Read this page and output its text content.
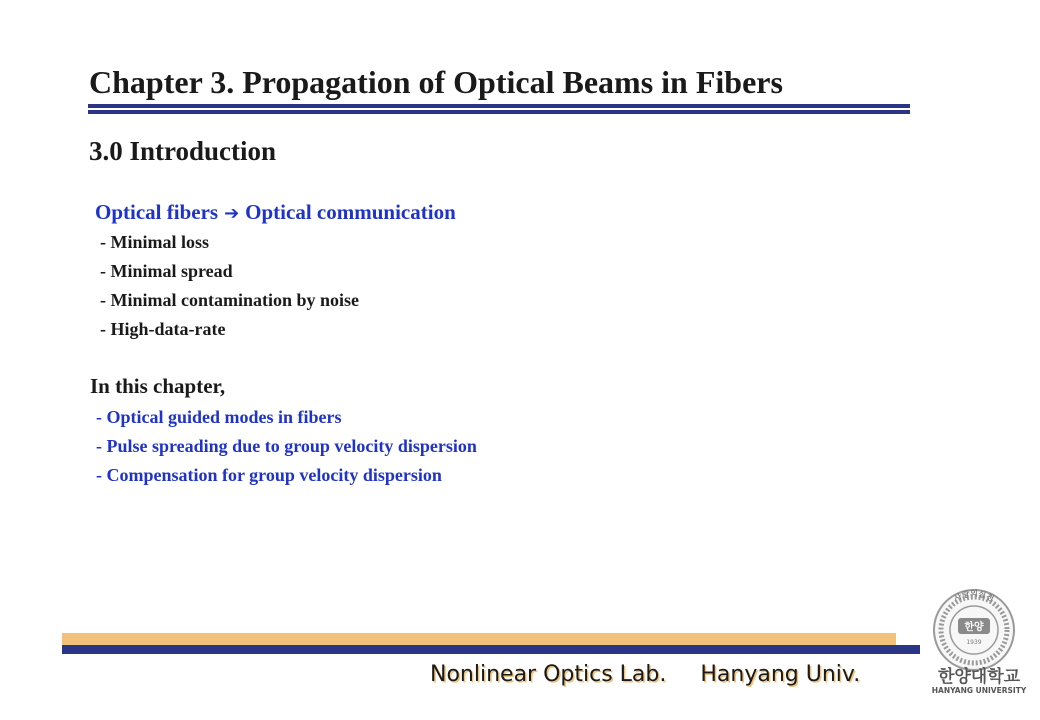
Chapter 3. Propagation of Optical Beams in Fibers
3.0 Introduction
Optical fibers ➔ Optical communication
- Minimal loss
- Minimal spread
- Minimal contamination by noise
- High-data-rate
In this chapter,
- Optical guided modes in fibers
- Pulse spreading due to group velocity dispersion
- Compensation for group velocity dispersion
Nonlinear Optics Lab. Hanyang Univ.
사랑의실천
한양
1939
한양대학교
HANYANG UNIVERSITY
